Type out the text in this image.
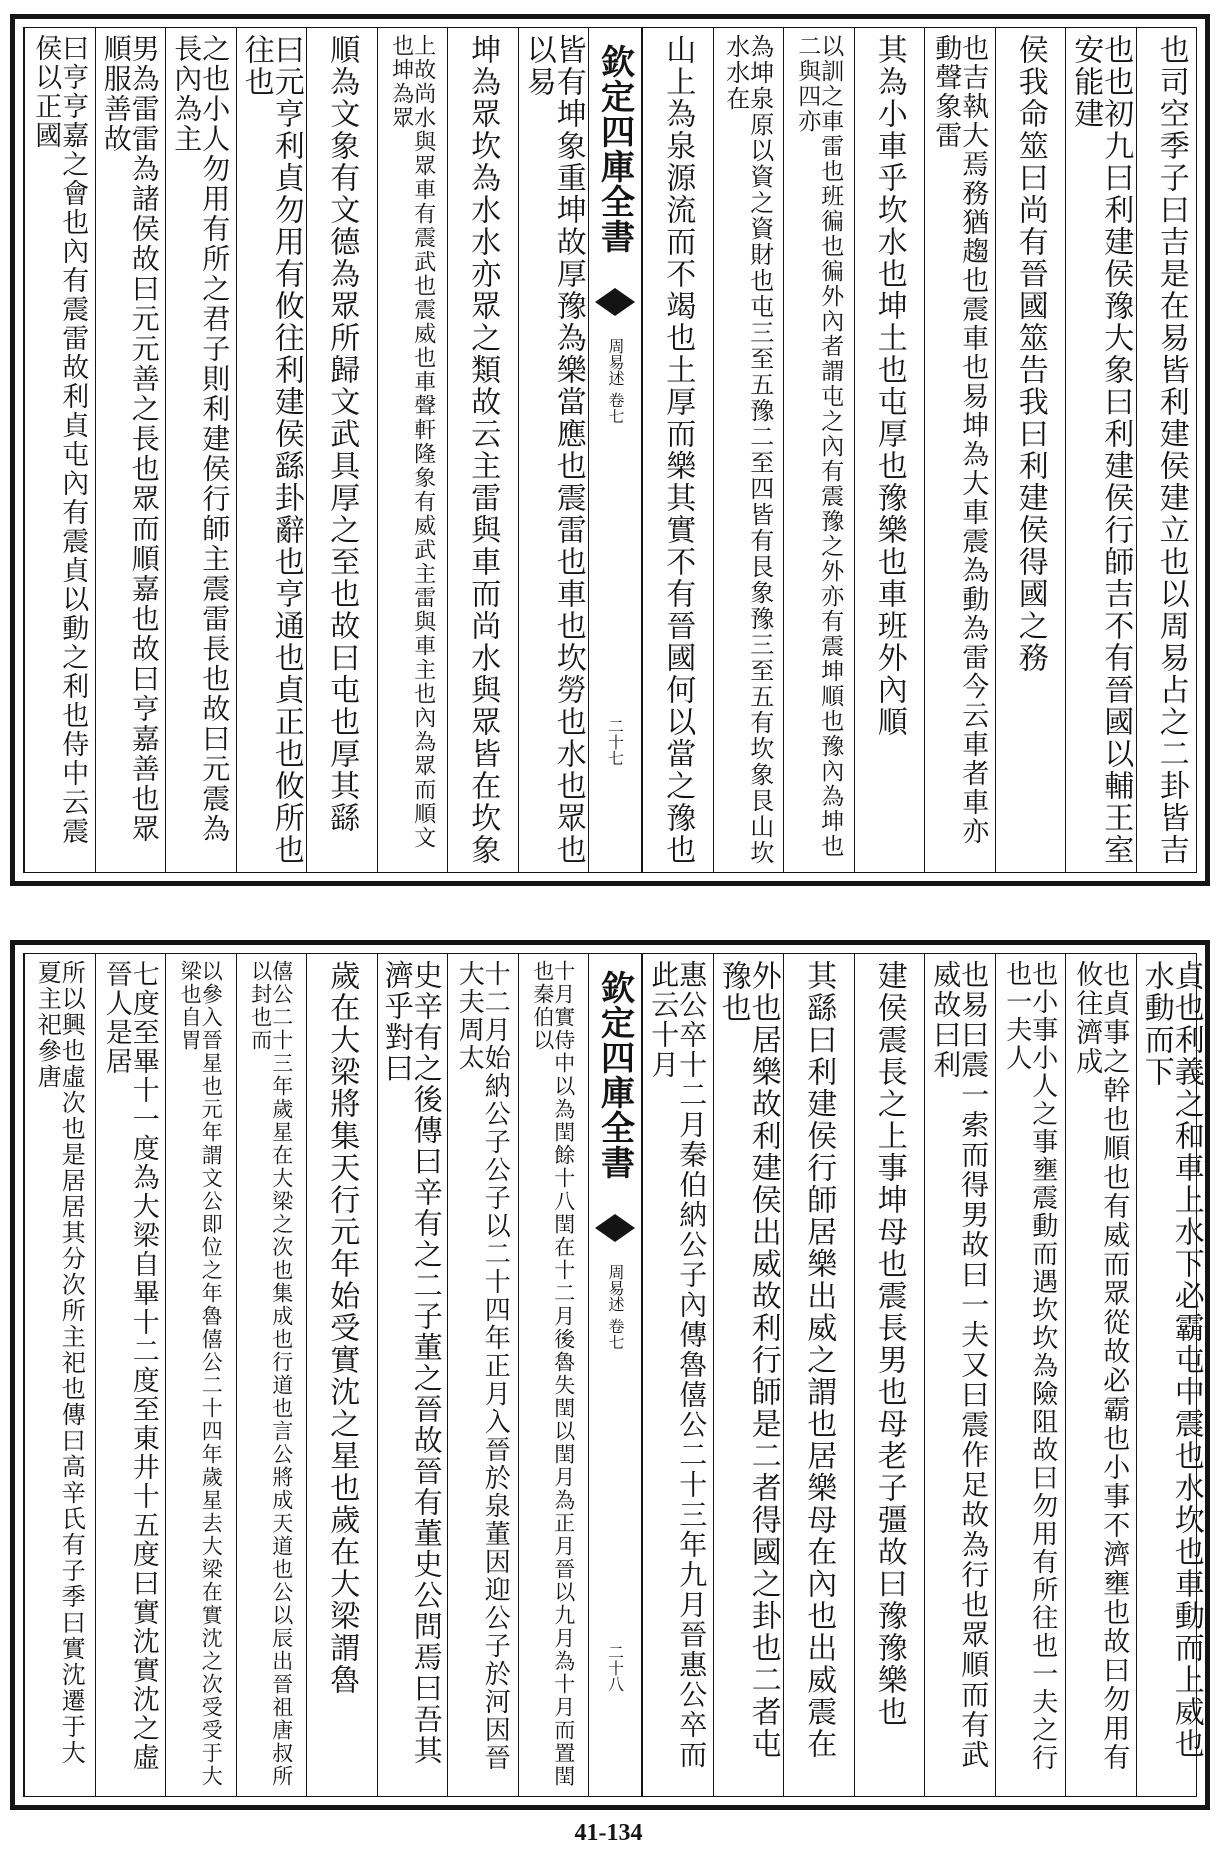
也司空季子曰吉是在易皆利建侯建立也以周易占之二卦皆吉
也也初九曰利建侯豫大象曰利建侯行師吉不有晉國以輔王室安能建
侯我命筮曰尚有晉國筮告我曰利建侯得國之務
也吉執大焉務猶趨也震車也易坤為大車震為動為雷今云車者車亦動聲象雷
其為小車乎坎水也坤土也屯厚也豫樂也車班外內順
以訓之車雷也班徧也徧外內者謂屯之內有震豫之外亦有震坤順也豫內為坤也二與四亦
為坤泉原以資之資財也屯三至五豫二至四皆有艮象豫三至五有坎象艮山坎水水在
山上為泉源流而不竭也土厚而樂其實不有晉國何以當之豫也
皆有坤象重坤故厚豫為樂當應也震雷也車也坎勞也水也眾也以易
坤為眾坎為水水亦眾之類故云主雷與車而尚水與眾皆在坎象
上故尚水與眾車有震武也震威也車聲軒隆象有威武主雷與車主也內為眾而順文也坤為眾
順為文象有文德為眾所歸文武具厚之至也故曰屯也厚其繇
曰元亨利貞勿用有攸往利建侯繇卦辭也亨通也貞正也攸所也往也
之也小人勿用有所之君子則利建侯行師主震雷長也故曰元震為長內為主
男為雷雷為諸侯故曰元元善之長也眾而順嘉也故曰亨嘉善也眾順服善故
曰亨亨嘉之會也內有震雷故利貞屯內有震貞以動之利也侍中云震侯以正國	欽定四庫全書
周易述
卷七
二十七
貞也利義之和車上水下必霸屯中震也水坎也車動而上威也水動而下
也貞事之幹也順也有威而眾從故必霸也小事不濟壅也故曰勿用有攸往濟成
也小事小人之事壅震動而遇坎坎為險阻故曰勿用有所往也一夫之行也一夫人
也易曰震一索而得男故曰一夫又曰震作足故為行也眾順而有武威故曰利
建侯震長之上事坤母也震長男也母老子彊故曰豫豫樂也
其繇曰利建侯行師居樂出威之謂也居樂母在內也出威震在
外也居樂故利建侯出威故利行師是二者得國之卦也二者屯豫也
惠公卒十二月秦伯納公子內傳魯僖公二十三年九月晉惠公卒而此云十月
十月實侍中以為閏餘十八閏在十二月後魯失閏以閏月為正月晉以九月為十月而置閏也秦伯以
十二月始納公子公子以二十四年正月入晉於泉董因迎公子於河因晉大夫周太
史辛有之後傳曰辛有之二子董之晉故晉有董史公問焉曰吾其濟乎對曰
歲在大梁將集天行元年始受實沈之星也歲在大梁謂魯
僖公二十三年歲星在大梁之次也集成也行道也言公將成天道也公以辰出晉祖唐叔所以封也而
以參入晉星也元年謂文公即位之年魯僖公二十四年歲星去大梁在實沈之次受受于大梁也自胃
七度至畢十一度為大梁自畢十二度至東井十五度曰實沈實沈之虛晉人是居
所以興也虛次也是居居其分次所主祀也傳曰高辛氏有子季曰實沈遷于大夏主祀參唐	欽定四庫全書
周易述
卷七
二十八
41-134
